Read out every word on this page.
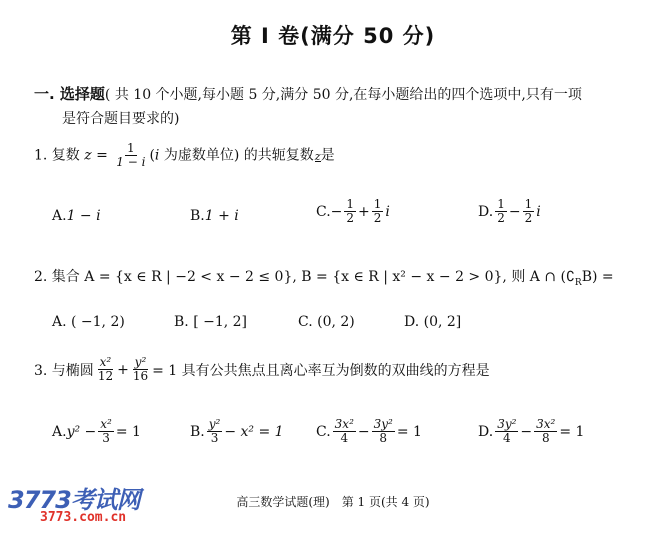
第 I 卷(满分 50 分)
一. 选择题( 共 10 个小题,每小题 5 分,满分 50 分,在每小题给出的四个选项中,只有一项
是符合题目要求的)
1. 复数 $z = \frac{1}{1 - i} (i$ 为虚数单位) 的共轭复数z是
A. 1 − i	B. 1 + i	C. − $\frac{1}{2} + \frac{1}{2}$ i	D. $\frac{1}{2} - \frac{1}{2}$ i
2. 集合 A = {x ∈ R | −2 < x − 2 ≤ 0}, B = {x ∈ R | x² − x − 2 > 0}, 则 A ∩ $(∁_RB)$ =
A. ( −1, 2)	B. [ −1, 2]	C. (0, 2)	D. (0, 2]
3. 与椭圆 $\frac{\text{x²}}{12} + \frac{\text{y²}}{16} = 1$ 具有公共焦点且离心率互为倒数的双曲线的方程是
A. $y^2 - \frac{\text{x²}}{3} = 1$	B. $\frac{\text{y²}}{3} - x^2 = 1$ C. $\frac{\text{3x²}}{4} - \frac{\text{3y²}}{8} = 1$	D. $\frac{\text{3y²}}{4} - \frac{\text{3x²}}{8} = 1$
高三数学试题(理)　第 1 页(共 4 页)
3773考试网
3773.com.cn
